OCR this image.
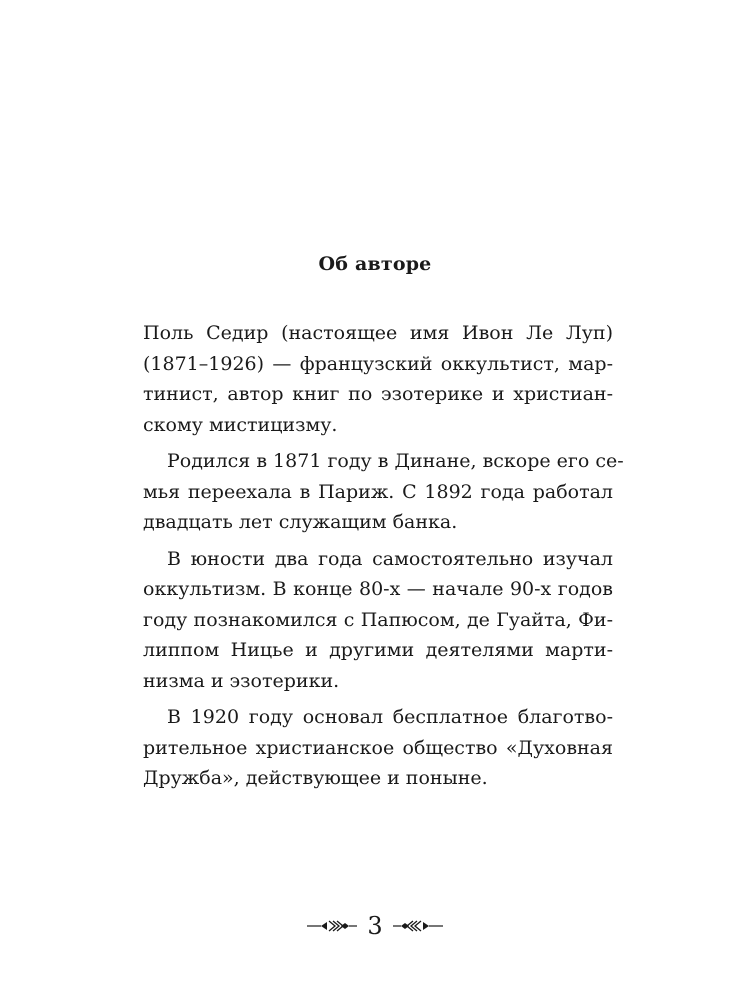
Об авторе

Поль Седир (настоящее имя Ивон Ле Луп)
(1871–1926) — французский оккультист, мар-
тинист, автор книг по эзотерике и христиан-
скому мистицизму.

Родился в 1871 году в Динане, вскоре его се-
мья переехала в Париж. С 1892 года работал
двадцать лет служащим банка.

В юности два года самостоятельно изучал
оккультизм. В конце 80-х — начале 90-х годов
году познакомился с Папюсом, де Гуайта, Фи-
липпом Ницье и другими деятелями марти-
низма и эзотерики.

В 1920 году основал бесплатное благотво-
рительное христианское общество «Духовная
Дружба», действующее и поныне.

3
